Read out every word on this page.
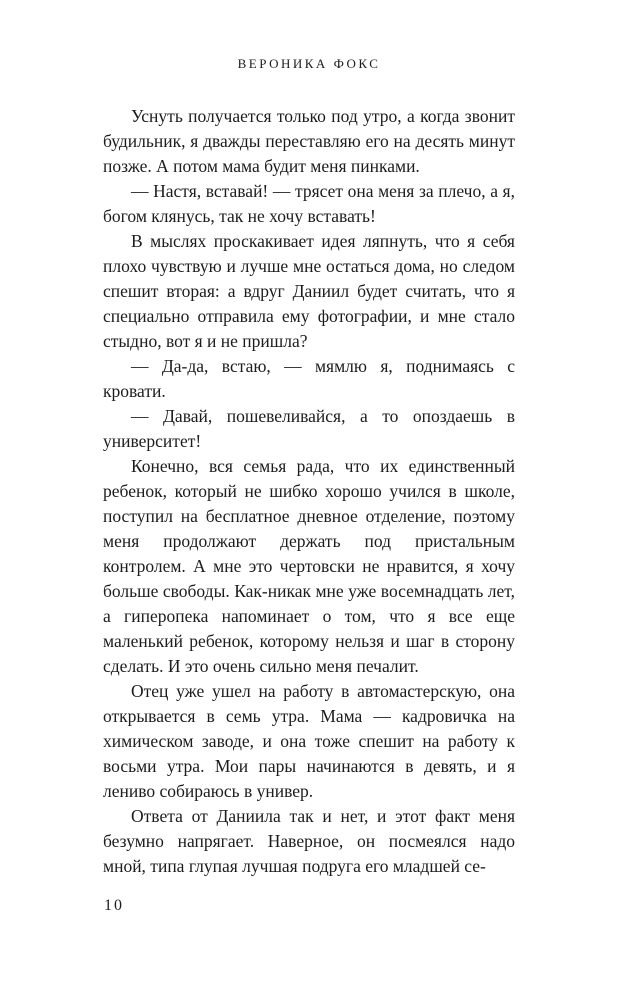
ВЕРОНИКА ФОКС

Уснуть получается только под утро, а когда звонит будильник, я дважды переставляю его на десять минут позже. А потом мама будит меня пинками.

— Настя, вставай! — трясет она меня за плечо, а я, богом клянусь, так не хочу вставать!

В мыслях проскакивает идея ляпнуть, что я себя плохо чувствую и лучше мне остаться дома, но следом спешит вторая: а вдруг Даниил будет считать, что я специально отправила ему фотографии, и мне стало стыдно, вот я и не пришла?

— Да-да, встаю, — мямлю я, поднимаясь с кровати.

— Давай, пошевеливайся, а то опоздаешь в университет!

Конечно, вся семья рада, что их единственный ребенок, который не шибко хорошо учился в школе, поступил на бесплатное дневное отделение, поэтому меня продолжают держать под пристальным контролем. А мне это чертовски не нравится, я хочу больше свободы. Как-никак мне уже восемнадцать лет, а гиперопека напоминает о том, что я все еще маленький ребенок, которому нельзя и шаг в сторону сделать. И это очень сильно меня печалит.

Отец уже ушел на работу в автомастерскую, она открывается в семь утра. Мама — кадровичка на химическом заводе, и она тоже спешит на работу к восьми утра. Мои пары начинаются в девять, и я лениво собираюсь в универ.

Ответа от Даниила так и нет, и этот факт меня безумно напрягает. Наверное, он посмеялся надо мной, типа глупая лучшая подруга его младшей се-

10
